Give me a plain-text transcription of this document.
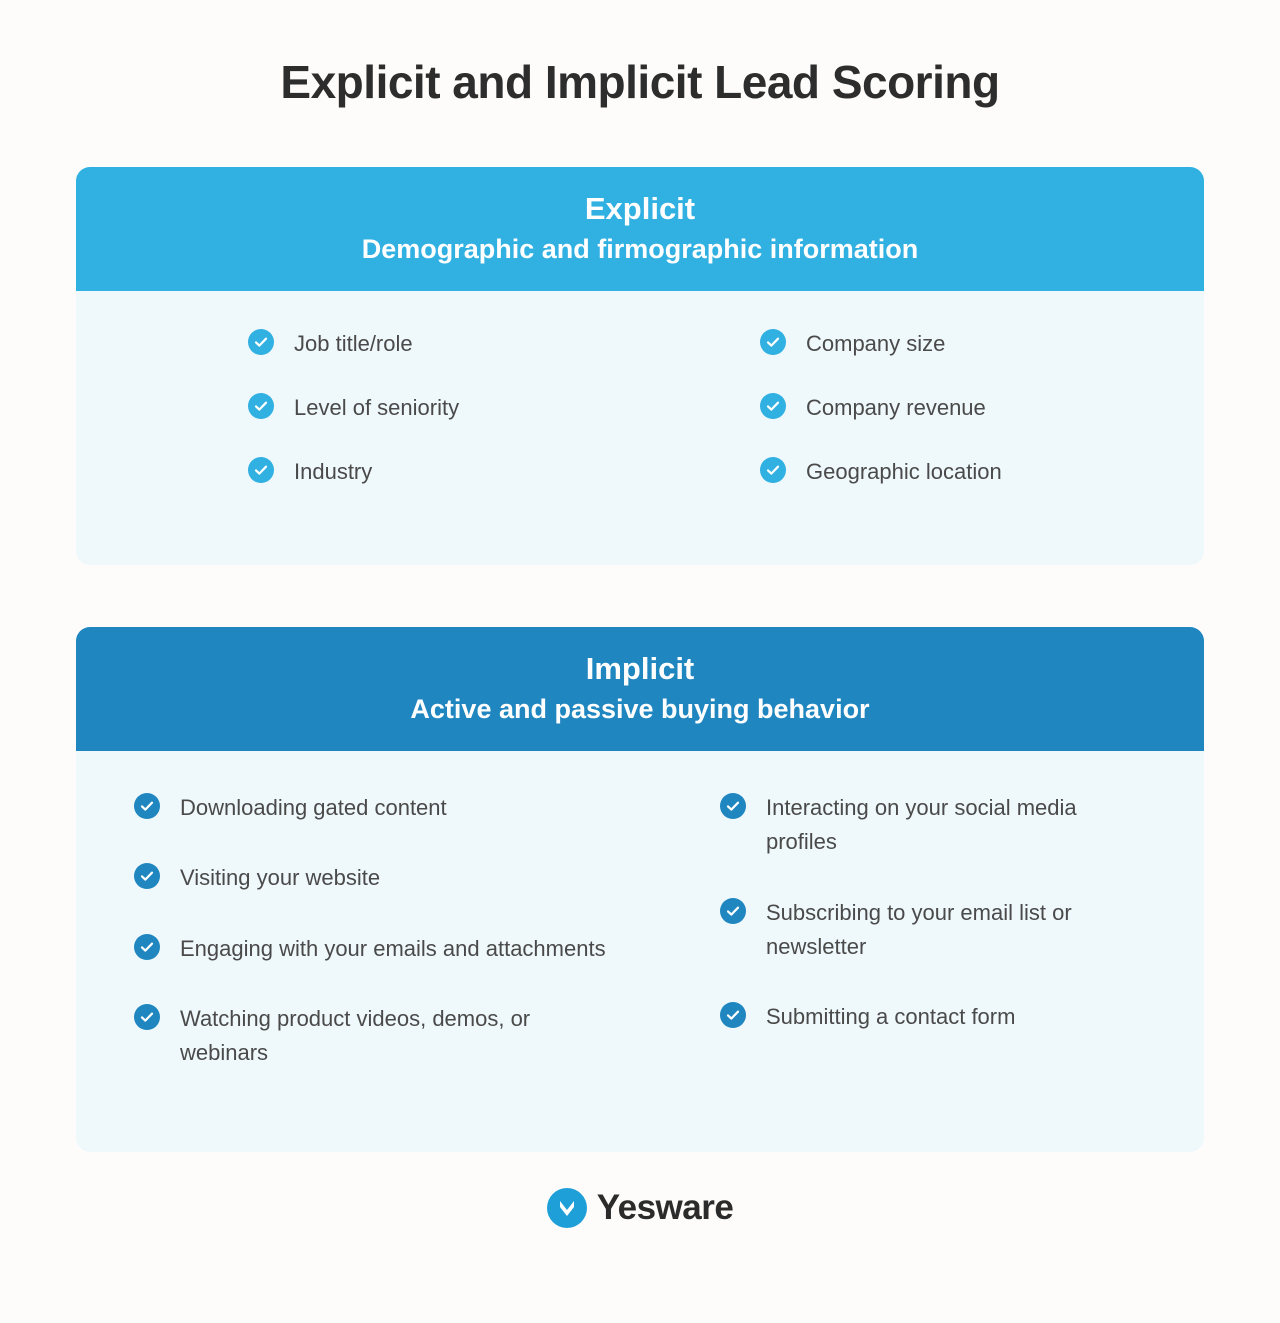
Explicit and Implicit Lead Scoring
Explicit
Demographic and firmographic information
Job title/role
Level of seniority
Industry
Company size
Company revenue
Geographic location
Implicit
Active and passive buying behavior
Downloading gated content
Visiting your website
Engaging with your emails and attachments
Watching product videos, demos, or webinars
Interacting on your social media profiles
Subscribing to your email list or newsletter
Submitting a contact form
Yesware
